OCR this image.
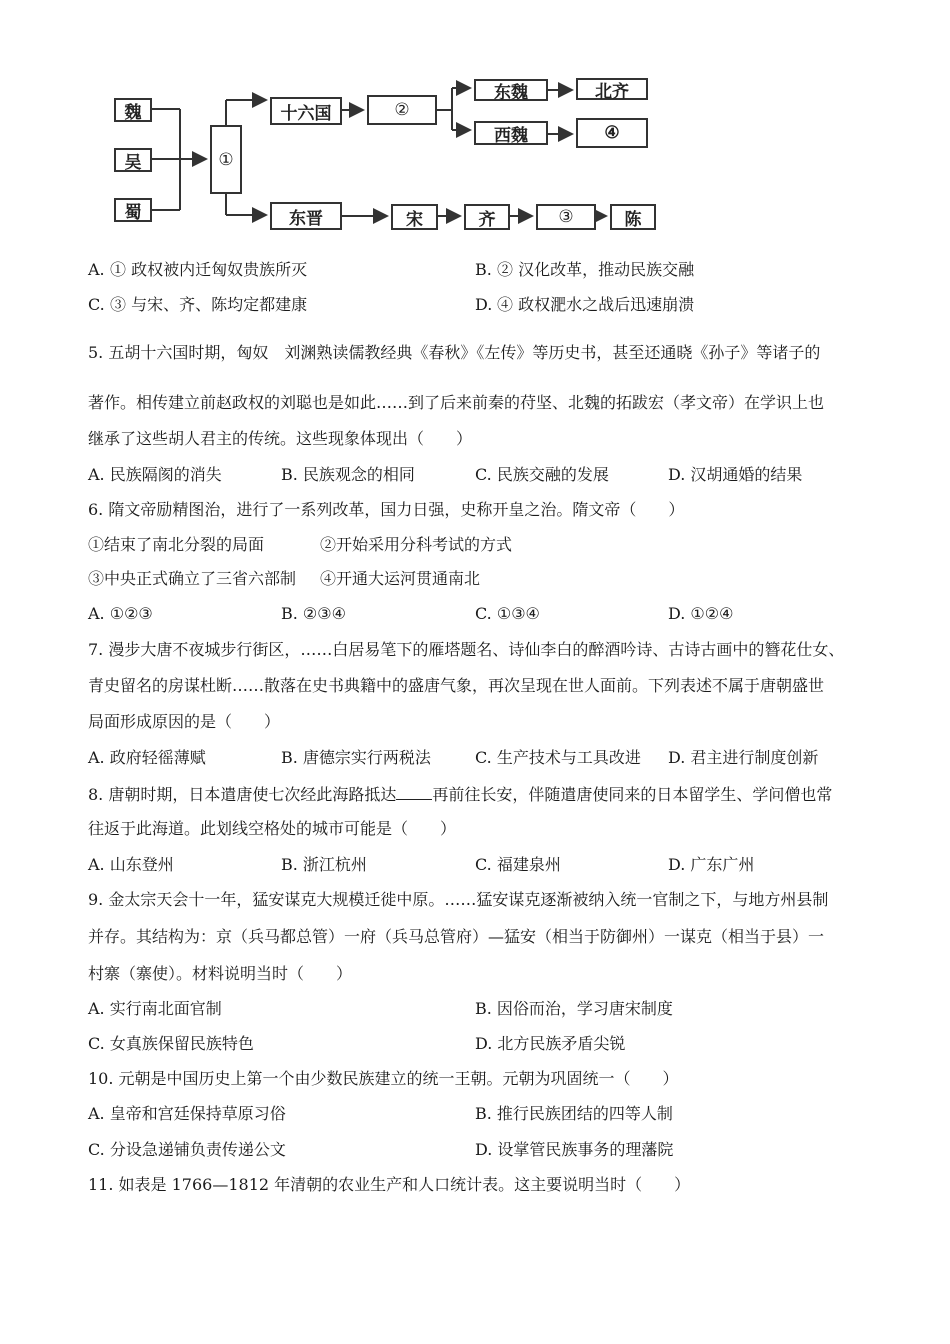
魏
吴
蜀
①
十六国	②
东魏	北齐
西魏	④
东晋	宋	齐	③	陈
A. ① 政权被内迁匈奴贵族所灭	B. ② 汉化改革，推动民族交融
C. ③ 与宋、齐、陈均定都建康	D. ④ 政权淝水之战后迅速崩溃
5. 五胡十六国时期，匈奴　刘渊熟读儒教经典《春秋》《左传》等历史书，甚至还通晓《孙子》等诸子的
著作。相传建立前赵政权的刘聪也是如此……到了后来前秦的苻坚、北魏的拓跋宏（孝文帝）在学识上也
继承了这些胡人君主的传统。这些现象体现出（　　）
A. 民族隔阂的消失	B. 民族观念的相同	C. 民族交融的发展	D. 汉胡通婚的结果
6. 隋文帝励精图治，进行了一系列改革，国力日强，史称开皇之治。隋文帝（　　）
①结束了南北分裂的局面	②开始采用分科考试的方式
③中央正式确立了三省六部制 ④开通大运河贯通南北
A. ①②③	B. ②③④	C. ①③④	D. ①②④
7. 漫步大唐不夜城步行街区，……白居易笔下的雁塔题名、诗仙李白的醉酒吟诗、古诗古画中的簪花仕女、
青史留名的房谋杜断……散落在史书典籍中的盛唐气象，再次呈现在世人面前。下列表述不属于唐朝盛世
局面形成原因的是（　　）
A. 政府轻徭薄赋	B. 唐德宗实行两税法	C. 生产技术与工具改进 D. 君主进行制度创新
8. 唐朝时期，日本遣唐使七次经此海路抵达 再前往长安，伴随遣唐使同来的日本留学生、学问僧也常
往返于此海道。此划线空格处的城市可能是（　　）
A. 山东登州	B. 浙江杭州	C. 福建泉州	D. 广东广州
9. 金太宗天会十一年，猛安谋克大规模迁徙中原。……猛安谋克逐渐被纳入统一官制之下，与地方州县制
并存。其结构为：京（兵马都总管）一府（兵马总管府）—猛安（相当于防御州）一谋克（相当于县）一
村寨（寨使）。材料说明当时（　　）
A. 实行南北面官制	B. 因俗而治，学习唐宋制度
C. 女真族保留民族特色	D. 北方民族矛盾尖锐
10. 元朝是中国历史上第一个由少数民族建立的统一王朝。元朝为巩固统一（　　）
A. 皇帝和宫廷保持草原习俗	B. 推行民族团结的四等人制
C. 分设急递铺负责传递公文	D. 设掌管民族事务的理藩院
11. 如表是 1766—1812 年清朝的农业生产和人口统计表。这主要说明当时（　　）
